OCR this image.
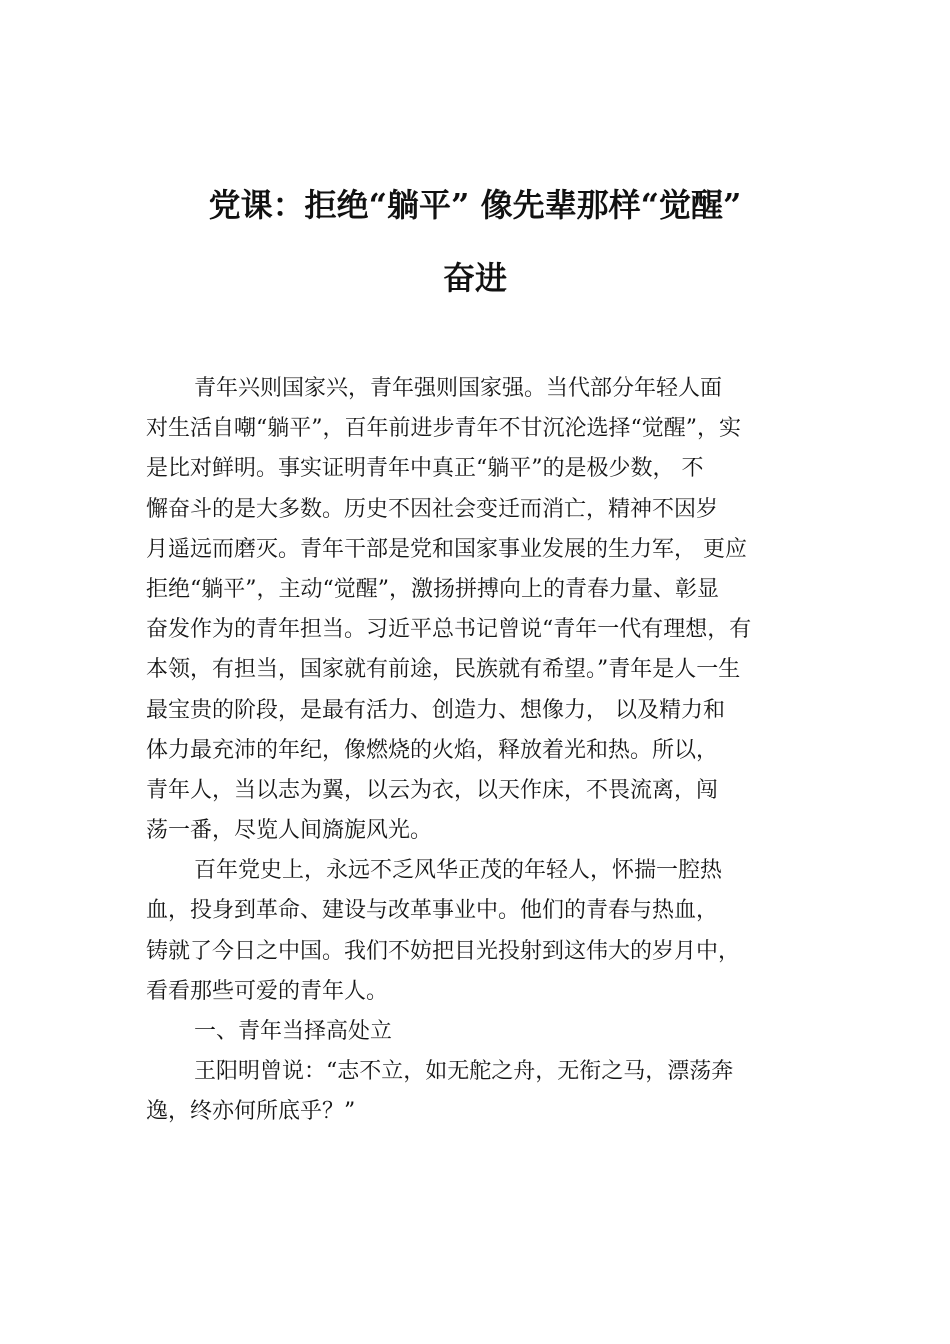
党课：拒绝“躺平” 像先辈那样“觉醒”
奋进
青年兴则国家兴，青年强则国家强。当代部分年轻人面
对生活自嘲“躺平”，百年前进步青年不甘沉沦选择“觉醒”，实
是比对鲜明。事实证明青年中真正“躺平”的是极少数， 不
懈奋斗的是大多数。历史不因社会变迁而消亡，精神不因岁
月遥远而磨灭。青年干部是党和国家事业发展的生力军， 更应
拒绝“躺平”，主动“觉醒”，激扬拼搏向上的青春力量、彰显
奋发作为的青年担当。习近平总书记曾说“青年一代有理想，有
本领，有担当，国家就有前途，民族就有希望。”青年是人一生
最宝贵的阶段，是最有活力、创造力、想像力， 以及精力和
体力最充沛的年纪，像燃烧的火焰，释放着光和热。所以，
青年人，当以志为翼，以云为衣，以天作床，不畏流离，闯
荡一番，尽览人间旖旎风光。
百年党史上，永远不乏风华正茂的年轻人，怀揣一腔热
血，投身到革命、建设与改革事业中。他们的青春与热血，
铸就了今日之中国。我们不妨把目光投射到这伟大的岁月中，
看看那些可爱的青年人。
一、青年当择高处立
王阳明曾说：“志不立，如无舵之舟，无衔之马，漂荡奔
逸，终亦何所底乎？”
